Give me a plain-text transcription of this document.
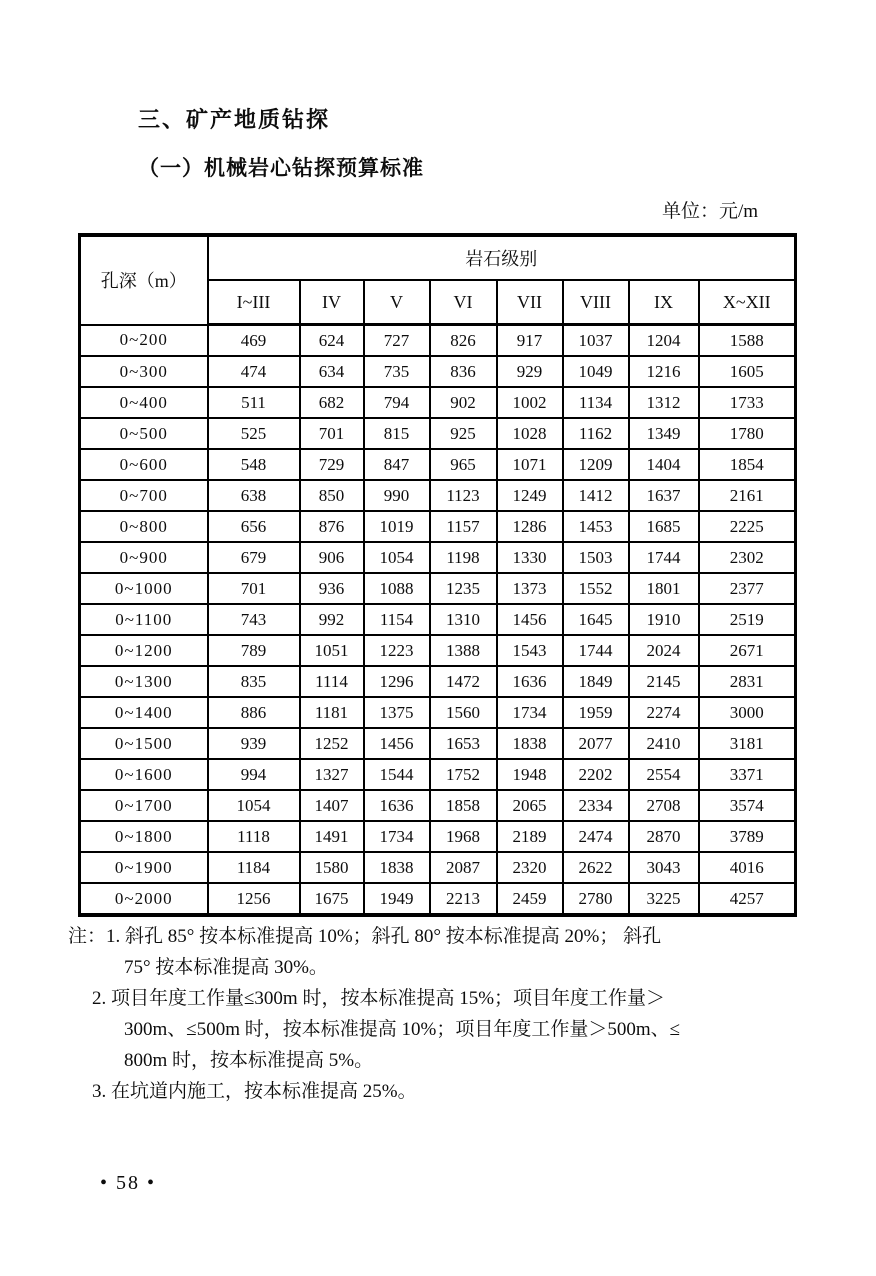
三、矿产地质钻探
（一）机械岩心钻探预算标准
单位：元/m
孔深（m）	岩石级别							
	I~III	IV	V	VI	VII	VIII	IX	X~XII
0~200	469	624	727	826	917	1037	1204	1588
0~300	474	634	735	836	929	1049	1216	1605
0~400	511	682	794	902	1002	1134	1312	1733
0~500	525	701	815	925	1028	1162	1349	1780
0~600	548	729	847	965	1071	1209	1404	1854
0~700	638	850	990	1123	1249	1412	1637	2161
0~800	656	876	1019	1157	1286	1453	1685	2225
0~900	679	906	1054	1198	1330	1503	1744	2302
0~1000	701	936	1088	1235	1373	1552	1801	2377
0~1100	743	992	1154	1310	1456	1645	1910	2519
0~1200	789	1051	1223	1388	1543	1744	2024	2671
0~1300	835	1114	1296	1472	1636	1849	2145	2831
0~1400	886	1181	1375	1560	1734	1959	2274	3000
0~1500	939	1252	1456	1653	1838	2077	2410	3181
0~1600	994	1327	1544	1752	1948	2202	2554	3371
0~1700	1054	1407	1636	1858	2065	2334	2708	3574
0~1800	1118	1491	1734	1968	2189	2474	2870	3789
0~1900	1184	1580	1838	2087	2320	2622	3043	4016
0~2000	1256	1675	1949	2213	2459	2780	3225	4257
注：1. 斜孔 85° 按本标准提高 10%；斜孔 80° 按本标准提高 20%； 斜孔
75° 按本标准提高 30%。
2. 项目年度工作量≤300m 时，按本标准提高 15%；项目年度工作量＞
300m、≤500m 时，按本标准提高 10%；项目年度工作量＞500m、≤
800m 时，按本标准提高 5%。
3. 在坑道内施工，按本标准提高 25%。
• 58 •
